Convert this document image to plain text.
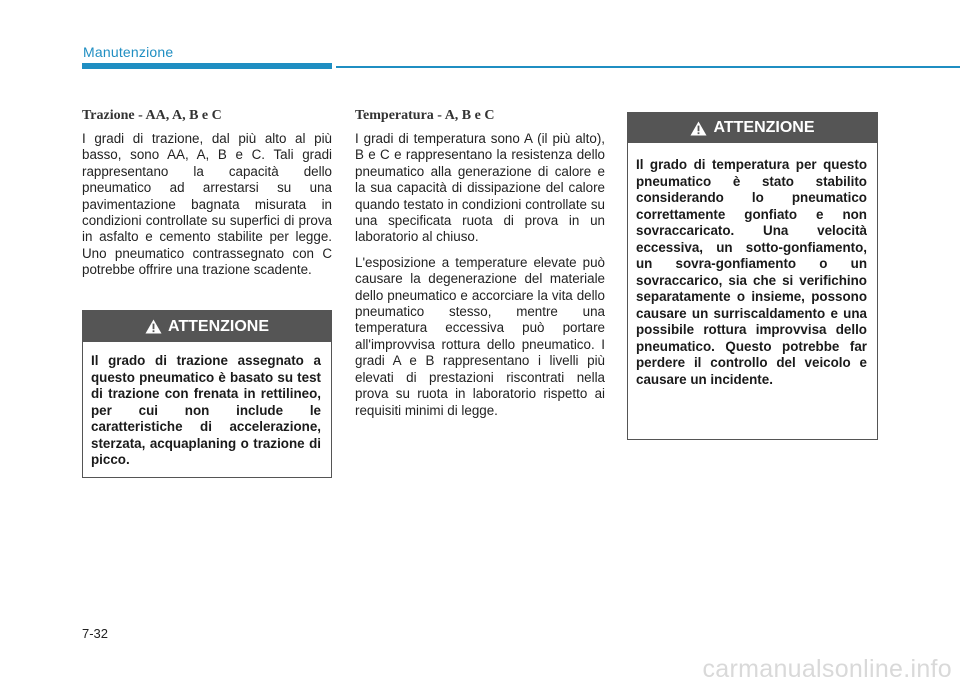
Manutenzione
Trazione - AA, A, B e C

I gradi di trazione, dal più alto al più basso, sono AA, A, B e C. Tali gradi rappresentano la capacità dello pneumatico ad arrestarsi su una pavimentazione bagnata misurata in condizioni controllate su superfici di prova in asfalto e cemento stabilite per legge. Uno pneumatico contrassegnato con C potrebbe offrire una trazione scadente.

ATTENZIONE
Il grado di trazione assegnato a questo pneumatico è basato su test di trazione con frenata in rettilineo, per cui non include le caratteristiche di accelerazione, sterzata, acquaplaning o trazione di picco.
Temperatura - A, B e C

I gradi di temperatura sono A (il più alto), B e C e rappresentano la resistenza dello pneumatico alla generazione di calore e la sua capacità di dissipazione del calore quando testato in condizioni controllate su una specificata ruota di prova in un laboratorio al chiuso.

L'esposizione a temperature elevate può causare la degenerazione del materiale dello pneumatico e accorciare la vita dello pneumatico stesso, mentre una temperatura eccessiva può portare all'improvvisa rottura dello pneumatico. I gradi A e B rappresentano i livelli più elevati di prestazioni riscontrati nella prova su ruota in laboratorio rispetto ai requisiti minimi di legge.

ATTENZIONE
Il grado di temperatura per questo pneumatico è stato stabilito considerando lo pneumatico correttamente gonfiato e non sovraccaricato. Una velocità eccessiva, un sotto-gonfiamento, un sovra-gonfiamento o un sovraccarico, sia che si verifichino separatamente o insieme, possono causare un surriscaldamento e una possibile rottura improvvisa dello pneumatico. Questo potrebbe far perdere il controllo del veicolo e causare un incidente.
7-32
carmanualsonline.info
